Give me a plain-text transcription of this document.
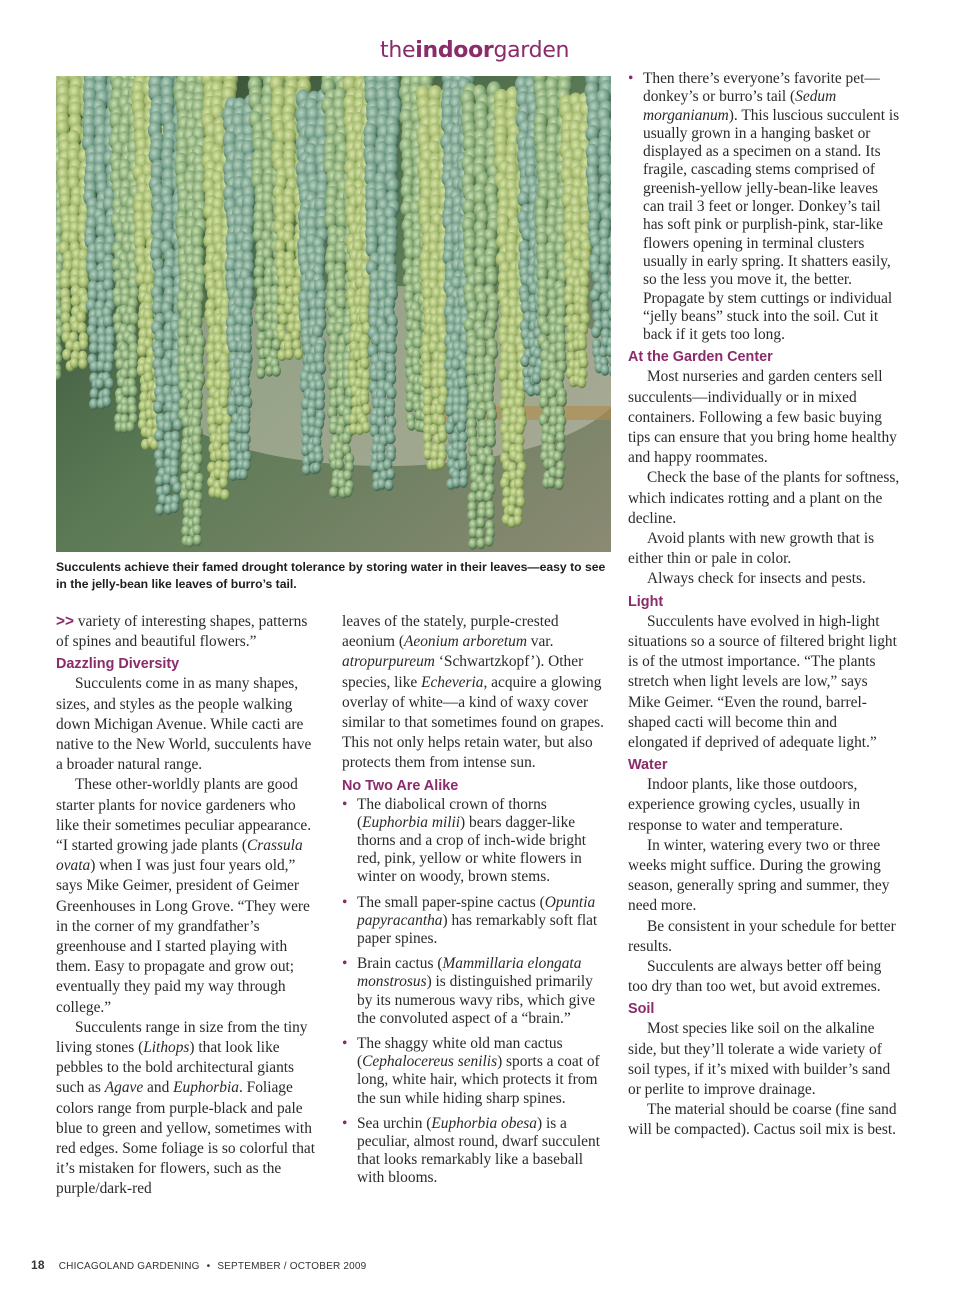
theindoorgarden
Succulents achieve their famed drought tolerance by storing water in their leaves—easy to see in the jelly-bean like leaves of burro’s tail.

>> variety of interesting shapes, patterns of spines and beautiful flowers.”

Dazzling Diversity

Succulents come in as many shapes, sizes, and styles as the people walking down Michigan Avenue. While cacti are native to the New World, succulents have a broader natural range.

These other-worldly plants are good starter plants for novice gardeners who like their sometimes peculiar appearance. “I started growing jade plants (Crassula ovata) when I was just four years old,” says Mike Geimer, president of Geimer Greenhouses in Long Grove. “They were in the corner of my grandfather’s greenhouse and I started playing with them. Easy to propagate and grow out; eventually they paid my way through college.”

Succulents range in size from the tiny living stones (Lithops) that look like pebbles to the bold architectural giants such as Agave and Euphorbia. Foliage colors range from purple-black and pale blue to green and yellow, sometimes with red edges. Some foliage is so colorful that it’s mistaken for flowers, such as the purple/dark-red

leaves of the stately, purple-crested aeonium (Aeonium arboretum var. atropurpureum ‘Schwartzkopf’). Other species, like Echeveria, acquire a glowing overlay of white—a kind of waxy cover similar to that sometimes found on grapes. This not only helps retain water, but also protects them from intense sun.

No Two Are Alike
• The diabolical crown of thorns (Euphorbia milii) bears dagger-like thorns and a crop of inch-wide bright red, pink, yellow or white flowers in winter on woody, brown stems.
• The small paper-spine cactus (Opuntia papyracantha) has remarkably soft flat paper spines.
• Brain cactus (Mammillaria elongata monstrosus) is distinguished primarily by its numerous wavy ribs, which give the convoluted aspect of a “brain.”
• The shaggy white old man cactus (Cephalocereus senilis) sports a coat of long, white hair, which protects it from the sun while hiding sharp spines.
• Sea urchin (Euphorbia obesa) is a peculiar, almost round, dwarf succulent that looks remarkably like a baseball with blooms.
• Then there’s everyone’s favorite pet—donkey’s or burro’s tail (Sedum morganianum). This luscious succulent is usually grown in a hanging basket or displayed as a specimen on a stand. Its fragile, cascading stems comprised of greenish-yellow jelly-bean-like leaves can trail 3 feet or longer. Donkey’s tail has soft pink or purplish-pink, star-like flowers opening in terminal clusters usually in early spring. It shatters easily, so the less you move it, the better. Propagate by stem cuttings or individual “jelly beans” stuck into the soil. Cut it back if it gets too long.
At the Garden Center

Most nurseries and garden centers sell succulents—individually or in mixed containers. Following a few basic buying tips can ensure that you bring home healthy and happy roommates.

Check the base of the plants for softness, which indicates rotting and a plant on the decline.

Avoid plants with new growth that is either thin or pale in color.

Always check for insects and pests.

Light

Succulents have evolved in high-light situations so a source of filtered bright light is of the utmost importance. “The plants stretch when light levels are low,” says Mike Geimer. “Even the round, barrel-shaped cacti will become thin and elongated if deprived of adequate light.”

Water

Indoor plants, like those outdoors, experience growing cycles, usually in response to water and temperature.

In winter, watering every two or three weeks might suffice. During the growing season, generally spring and summer, they need more.

Be consistent in your schedule for better results.

Succulents are always better off being too dry than too wet, but avoid extremes.

Soil

Most species like soil on the alkaline side, but they’ll tolerate a wide variety of soil types, if it’s mixed with builder’s sand or perlite to improve drainage.

The material should be coarse (fine sand will be compacted). Cactus soil mix is best.

18 CHICAGOLAND GARDENING • SEPTEMBER / OCTOBER 2009
